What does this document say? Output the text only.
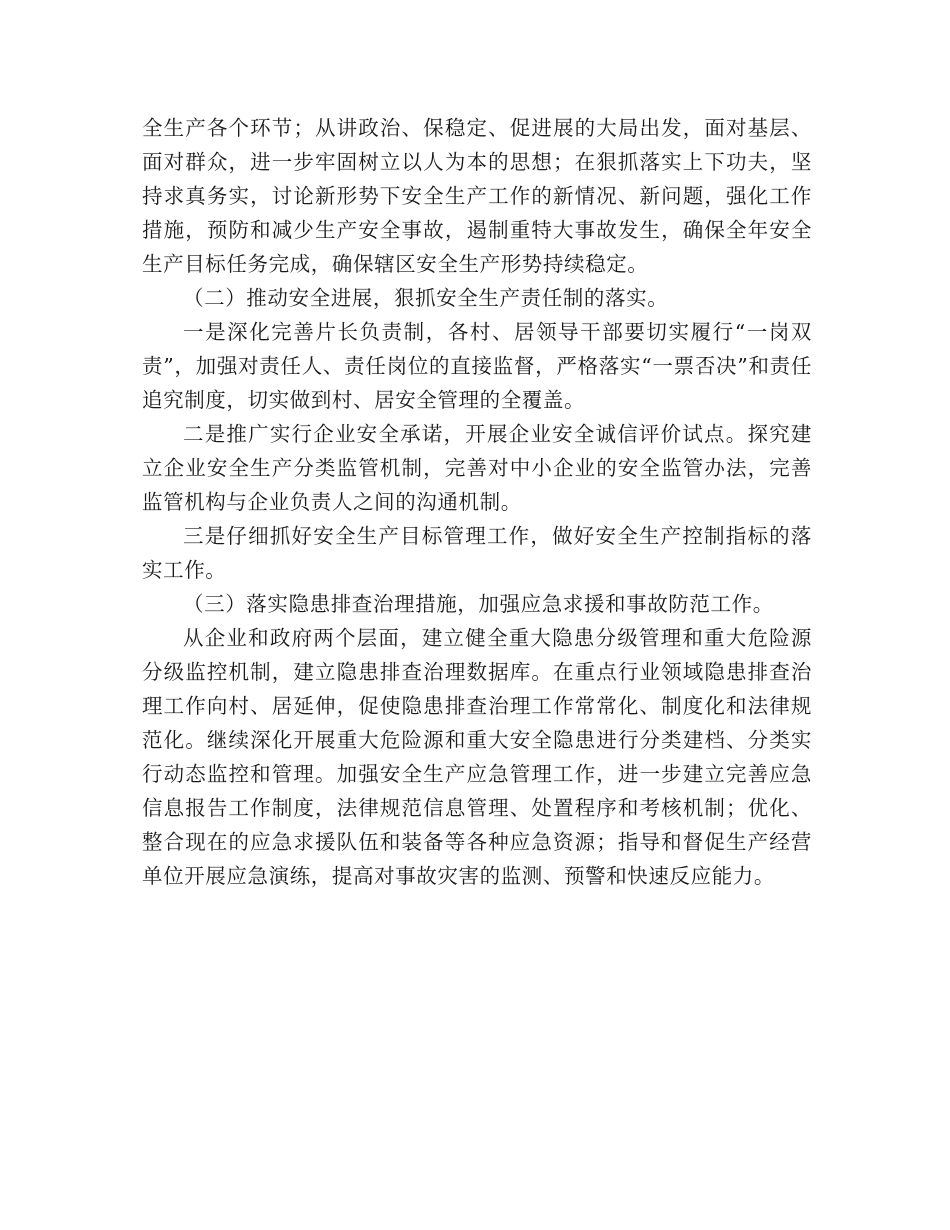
全生产各个环节；从讲政治、保稳定、促进展的大局出发，面对基层、面对群众，进一步牢固树立以人为本的思想；在狠抓落实上下功夫，坚持求真务实，讨论新形势下安全生产工作的新情况、新问题，强化工作措施，预防和减少生产安全事故，遏制重特大事故发生，确保全年安全生产目标任务完成，确保辖区安全生产形势持续稳定。

（二）推动安全进展，狠抓安全生产责任制的落实。

一是深化完善片长负责制，各村、居领导干部要切实履行“一岗双责”，加强对责任人、责任岗位的直接监督，严格落实“一票否决”和责任追究制度，切实做到村、居安全管理的全覆盖。

二是推广实行企业安全承诺，开展企业安全诚信评价试点。探究建立企业安全生产分类监管机制，完善对中小企业的安全监管办法，完善监管机构与企业负责人之间的沟通机制。

三是仔细抓好安全生产目标管理工作，做好安全生产控制指标的落实工作。

（三）落实隐患排查治理措施，加强应急求援和事故防范工作。

从企业和政府两个层面，建立健全重大隐患分级管理和重大危险源分级监控机制，建立隐患排查治理数据库。在重点行业领域隐患排查治理工作向村、居延伸，促使隐患排查治理工作常常化、制度化和法律规范化。继续深化开展重大危险源和重大安全隐患进行分类建档、分类实行动态监控和管理。加强安全生产应急管理工作，进一步建立完善应急信息报告工作制度，法律规范信息管理、处置程序和考核机制；优化、整合现在的应急求援队伍和装备等各种应急资源；指导和督促生产经营单位开展应急演练，提高对事故灾害的监测、预警和快速反应能力。
